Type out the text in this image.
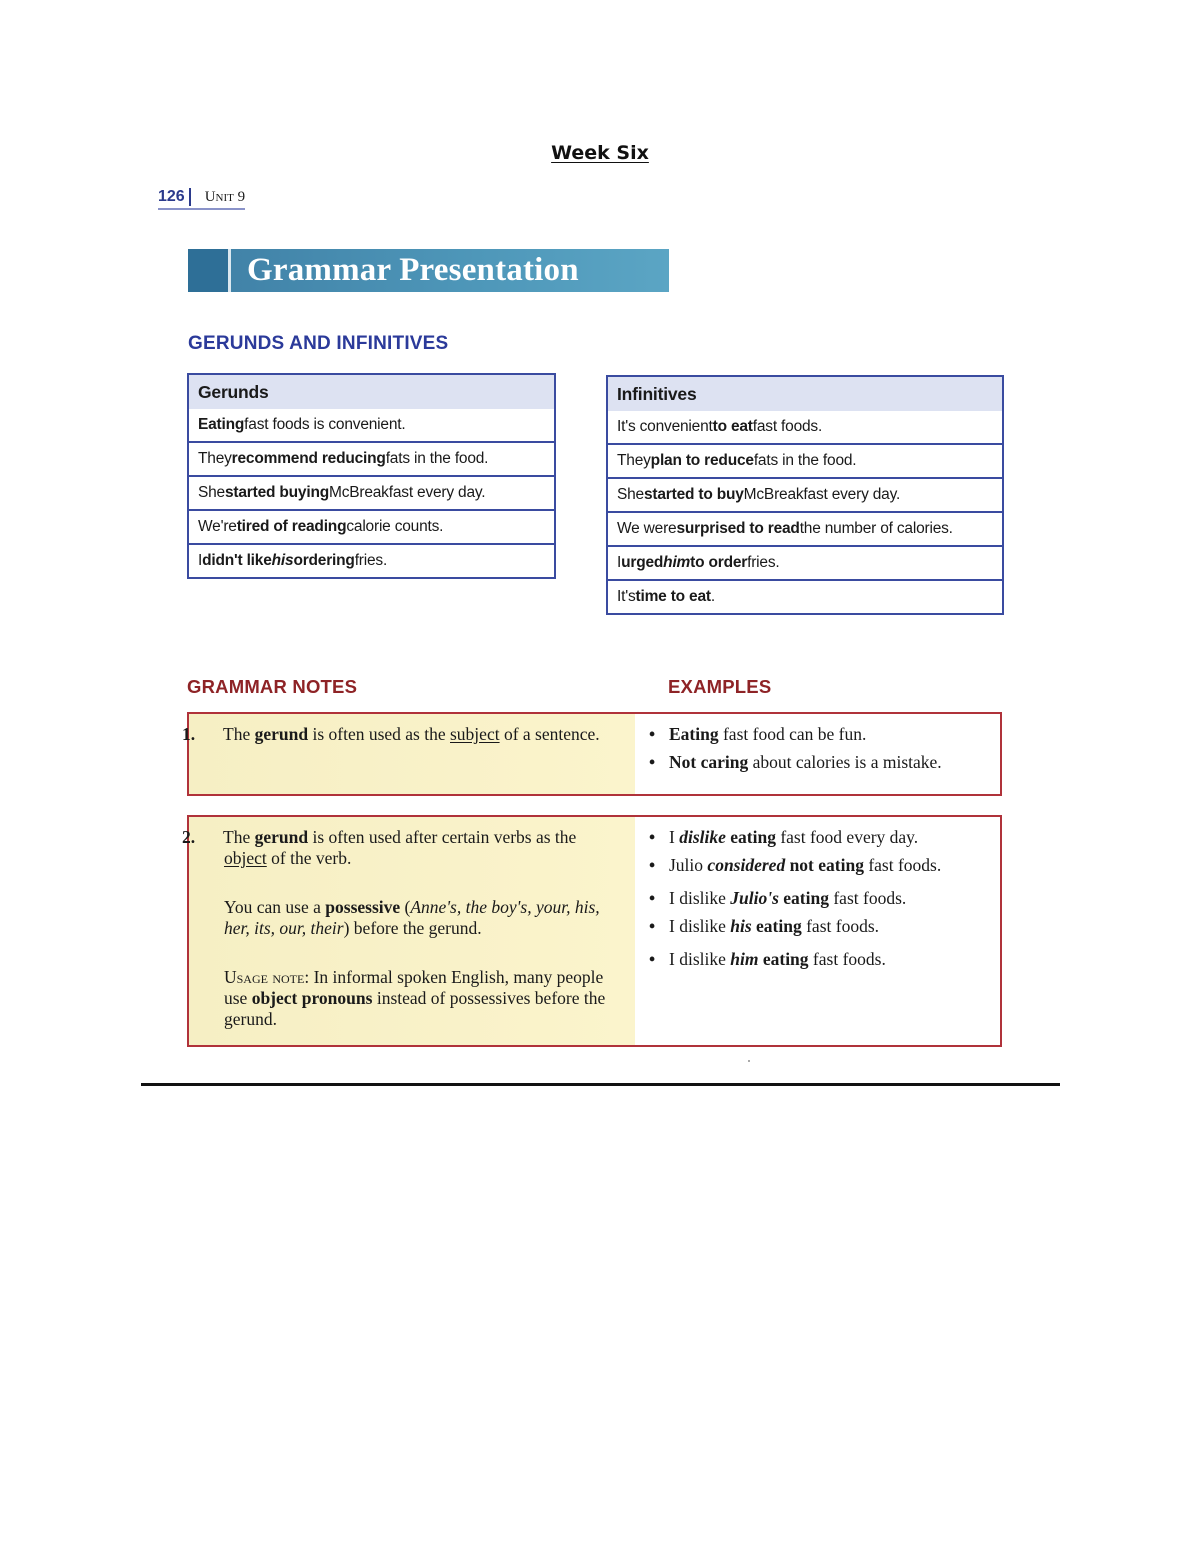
Week Six
126 Unit 9
Grammar Presentation
GERUNDS AND INFINITIVES
Gerunds
Eating fast foods is convenient.
They recommend reducing fats in the food.
She started buying McBreakfast every day.
We're tired of reading calorie counts.
I didn't like his ordering fries.
Infinitives
It's convenient to eat fast foods.
They plan to reduce fats in the food.
She started to buy McBreakfast every day.
We were surprised to read the number of calories.
I urged him to order fries.
It's time to eat .
GRAMMAR NOTES	EXAMPLES
1. The gerund is often used as the subject of a sentence.
•	Eating fast food can be fun.
• Not caring about calories is a mistake.
2. The gerund is often used after certain verbs as the object of the verb.
You can use a possessive (Anne's, the boy's, your, his, her, its, our, their) before the gerund.
Usage note: In informal spoken English, many people use object pronouns instead of possessives before the gerund.
• I dislike eating fast food every day.
• Julio considered not eating fast foods.
• I dislike Julio's eating fast foods.
• I dislike his eating fast foods.
• I dislike him eating fast foods.
